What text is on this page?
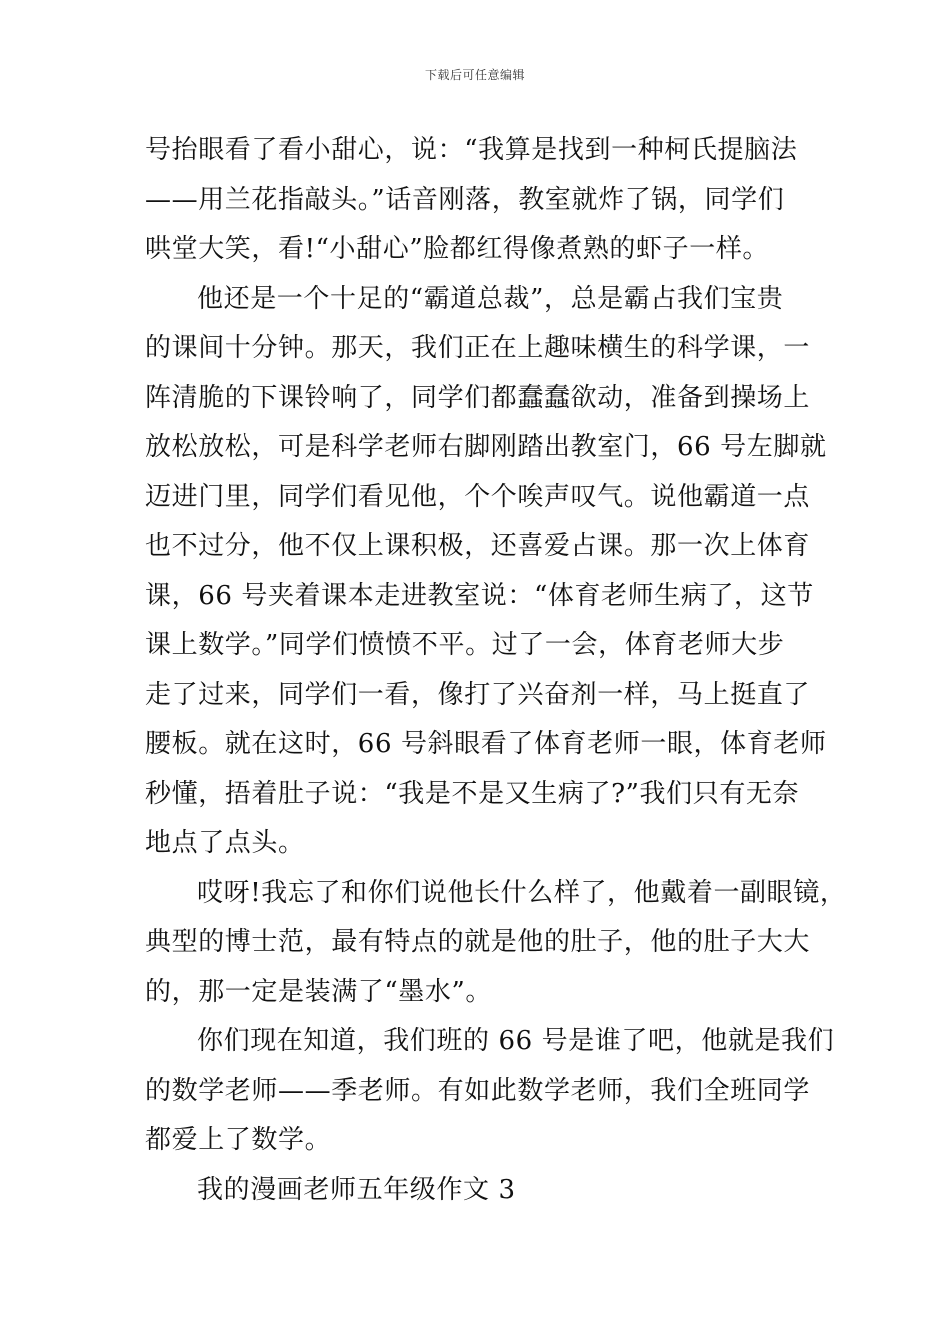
下载后可任意编辑
号抬眼看了看小甜心，说：“我算是找到一种柯氏提脑法
——用兰花指敲头。”话音刚落，教室就炸了锅，同学们
哄堂大笑，看!“小甜心”脸都红得像煮熟的虾子一样。
他还是一个十足的“霸道总裁”，总是霸占我们宝贵
的课间十分钟。那天，我们正在上趣味横生的科学课，一
阵清脆的下课铃响了，同学们都蠢蠢欲动，准备到操场上
放松放松，可是科学老师右脚刚踏出教室门，66 号左脚就
迈进门里，同学们看见他，个个唉声叹气。说他霸道一点
也不过分，他不仅上课积极，还喜爱占课。那一次上体育
课，66 号夹着课本走进教室说：“体育老师生病了，这节
课上数学。”同学们愤愤不平。过了一会，体育老师大步
走了过来，同学们一看，像打了兴奋剂一样，马上挺直了
腰板。就在这时，66 号斜眼看了体育老师一眼，体育老师
秒懂，捂着肚子说：“我是不是又生病了?”我们只有无奈
地点了点头。
哎呀!我忘了和你们说他长什么样了，他戴着一副眼镜，
典型的博士范，最有特点的就是他的肚子，他的肚子大大
的，那一定是装满了“墨水”。
你们现在知道，我们班的 66 号是谁了吧，他就是我们
的数学老师——季老师。有如此数学老师，我们全班同学
都爱上了数学。
我的漫画老师五年级作文 3
